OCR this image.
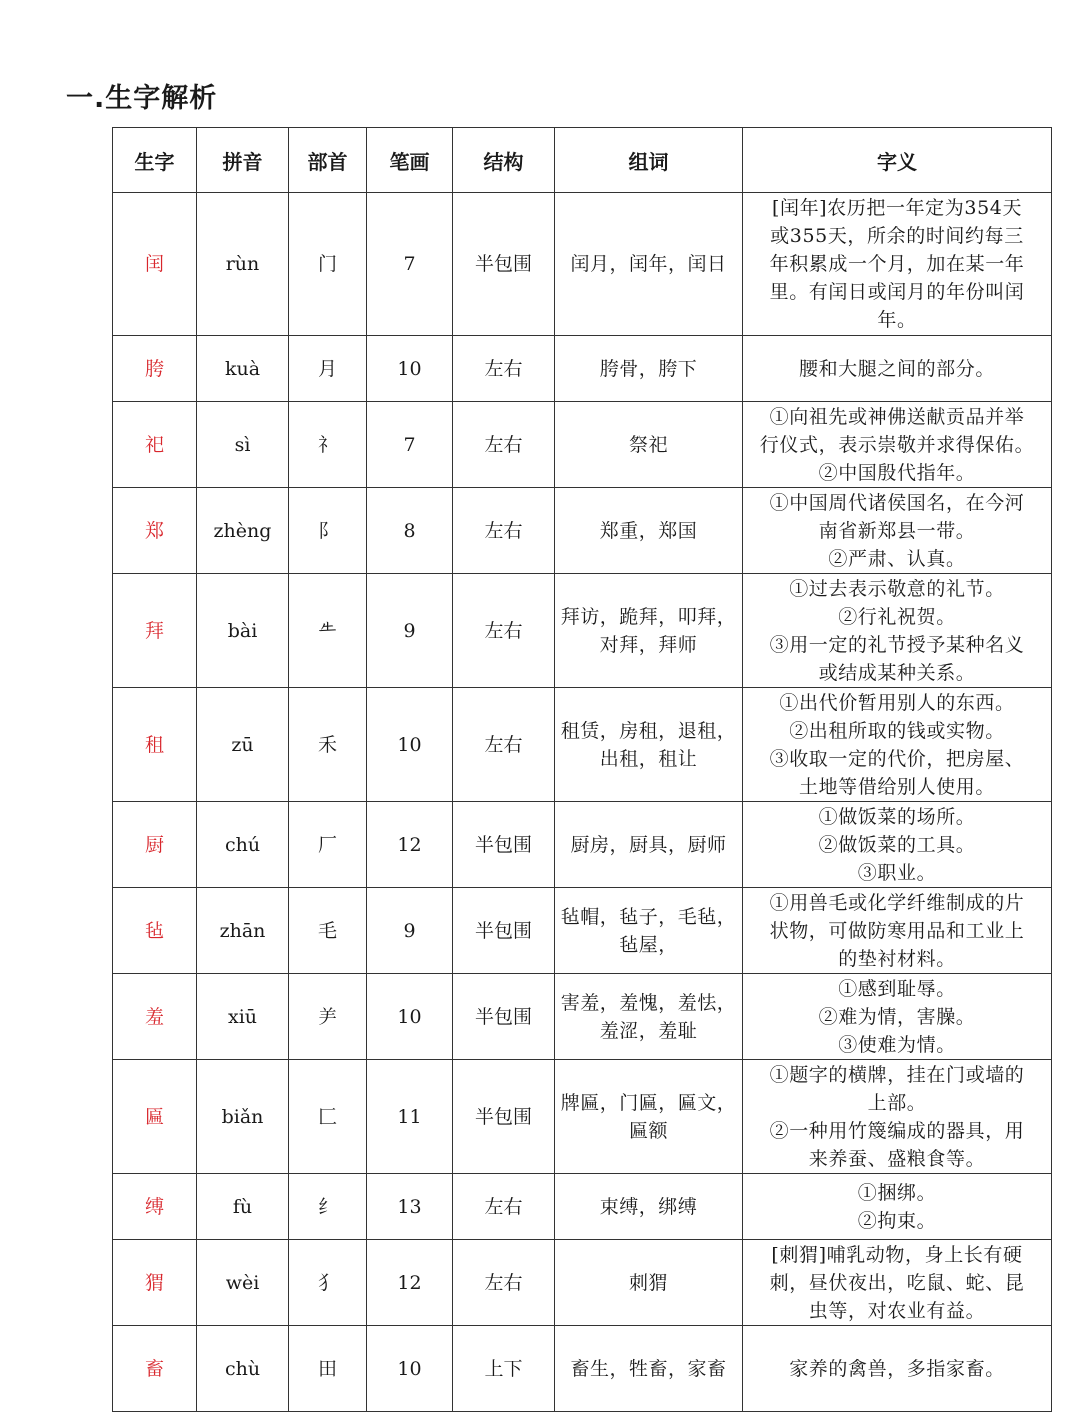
一.生字解析
生字	拼音	部首	笔画	结构	组词	字义
闰	rùn	门	7	半包围	闰月，闰年，闰日	[闰年]农历把一年定为354天
或355天，所余的时间约每三
年积累成一个月，加在某一年
里。有闰日或闰月的年份叫闰
年。

胯	kuà	月	10	左右	胯骨，胯下	腰和大腿之间的部分。

祀	sì	礻	7	左右	祭祀	①向祖先或神佛送献贡品并举
行仪式，表示崇敬并求得保佑。
②中国殷代指年。

郑	zhèng	阝	8	左右	郑重，郑国	①中国周代诸侯国名，在今河
南省新郑县一带。
②严肃、认真。

拜	bài	𠂒	9	左右	拜访，跪拜，叩拜，
对拜，拜师	①过去表示敬意的礼节。
②行礼祝贺。
③用一定的礼节授予某种名义
或结成某种关系。

租	zū	禾	10	左右	租赁，房租，退租，
出租，租让	①出代价暂用别人的东西。
②出租所取的钱或实物。
③收取一定的代价，把房屋、
土地等借给别人使用。

厨	chú	厂	12	半包围	厨房，厨具，厨师	①做饭菜的场所。
②做饭菜的工具。
③职业。

毡	zhān	毛	9	半包围	毡帽，毡子，毛毡，
毡屋，	①用兽毛或化学纤维制成的片
状物，可做防寒用品和工业上
的垫衬材料。

羞	xiū	⺶	10	半包围	害羞，羞愧，羞怯，
羞涩，羞耻	①感到耻辱。
②难为情，害臊。
③使难为情。

匾	biǎn	匚	11	半包围	牌匾，门匾，匾文，
匾额	①题字的横牌，挂在门或墙的
上部。
②一种用竹篾编成的器具，用
来养蚕、盛粮食等。

缚	fù	纟	13	左右	束缚，绑缚	①捆绑。
②拘束。

猬	wèi	犭	12	左右	刺猬	[刺猬]哺乳动物，身上长有硬
刺，昼伏夜出，吃鼠、蛇、昆
虫等，对农业有益。

畜	chù	田	10	上下	畜生，牲畜，家畜	家养的禽兽，多指家畜。
